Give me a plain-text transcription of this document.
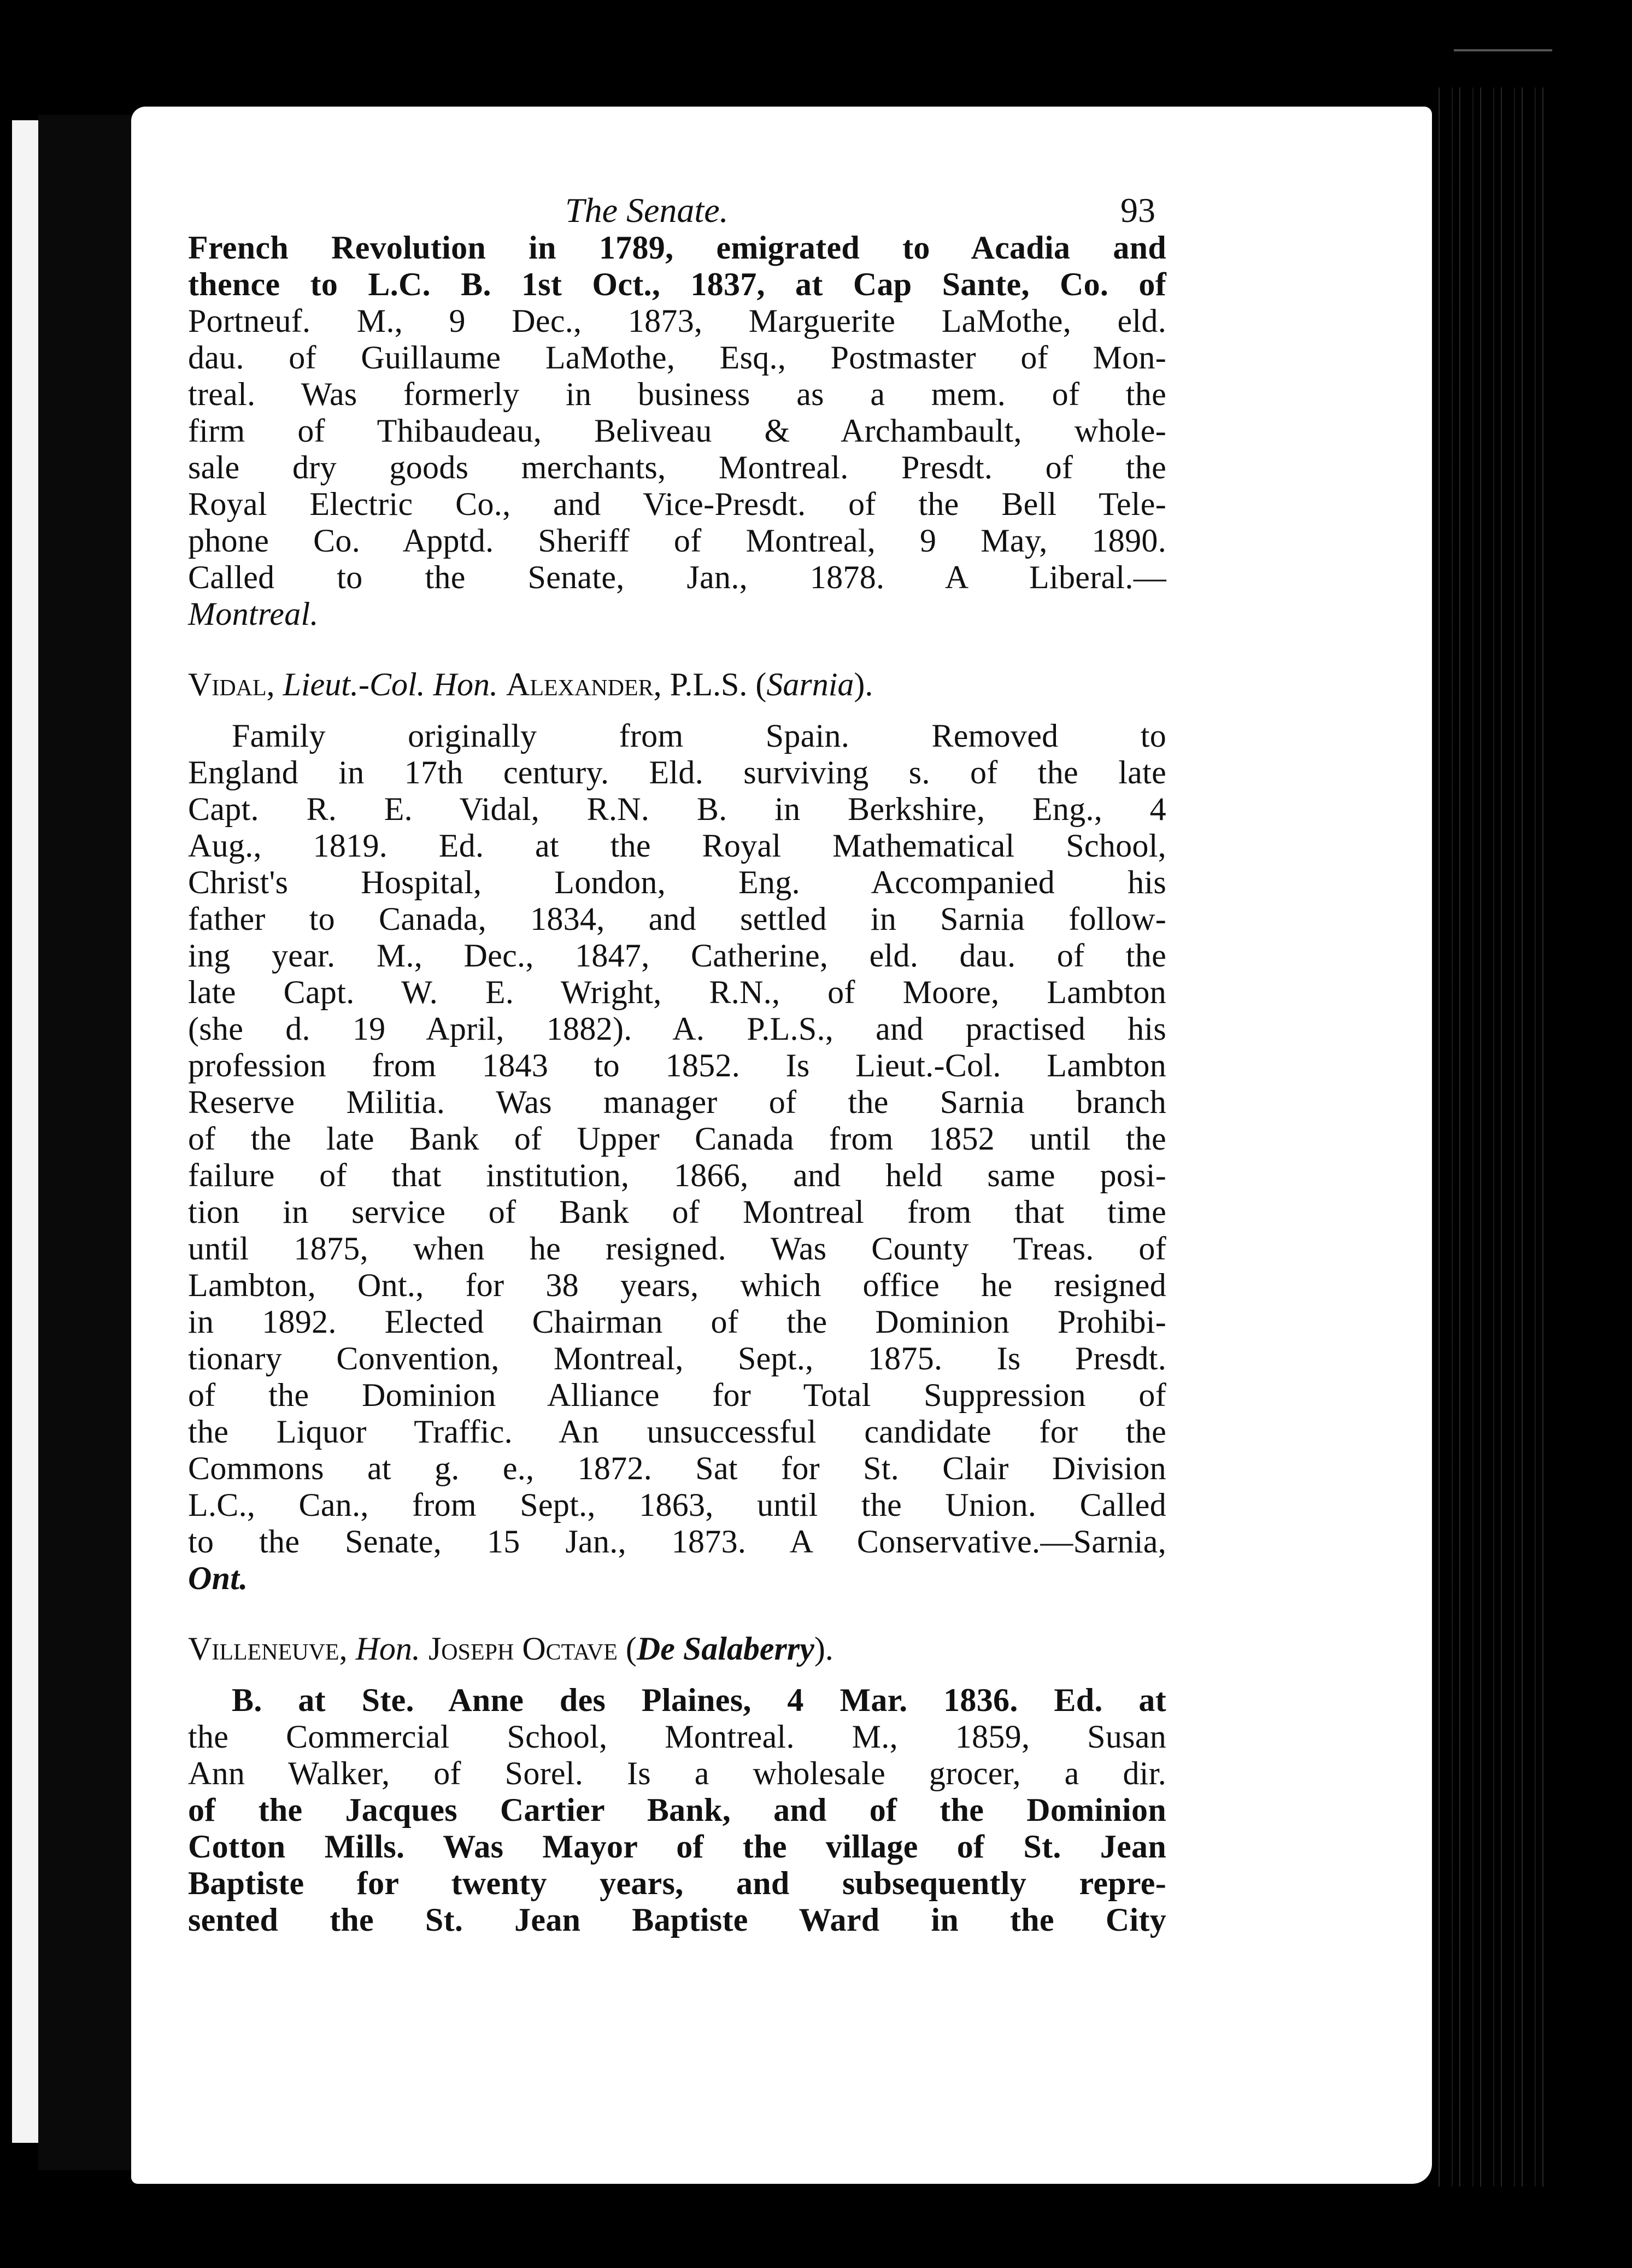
The Senate.	93
French Revolution in 1789, emigrated to Acadia and
thence to L.C. B. 1st Oct., 1837, at Cap Sante, Co. of
Portneuf. M., 9 Dec., 1873, Marguerite LaMothe, eld.
dau. of Guillaume LaMothe, Esq., Postmaster of Mon-
treal. Was formerly in business as a mem. of the
firm of Thibaudeau, Beliveau & Archambault, whole-
sale dry goods merchants, Montreal. Presdt. of the
Royal Electric Co., and Vice-Presdt. of the Bell Tele-
phone Co. Apptd. Sheriff of Montreal, 9 May, 1890.
Called to the Senate, Jan., 1878. A Liberal.—
Montreal.
Vidal, Lieut.-Col. Hon. Alexander, P.L.S. (Sarnia).
Family originally from Spain. Removed to
England in 17th century. Eld. surviving s. of the late
Capt. R. E. Vidal, R.N. B. in Berkshire, Eng., 4
Aug., 1819. Ed. at the Royal Mathematical School,
Christ's Hospital, London, Eng. Accompanied his
father to Canada, 1834, and settled in Sarnia follow-
ing year. M., Dec., 1847, Catherine, eld. dau. of the
late Capt. W. E. Wright, R.N., of Moore, Lambton
(she d. 19 April, 1882). A. P.L.S., and practised his
profession from 1843 to 1852. Is Lieut.-Col. Lambton
Reserve Militia. Was manager of the Sarnia branch
of the late Bank of Upper Canada from 1852 until the
failure of that institution, 1866, and held same posi-
tion in service of Bank of Montreal from that time
until 1875, when he resigned. Was County Treas. of
Lambton, Ont., for 38 years, which office he resigned
in 1892. Elected Chairman of the Dominion Prohibi-
tionary Convention, Montreal, Sept., 1875. Is Presdt.
of the Dominion Alliance for Total Suppression of
the Liquor Traffic. An unsuccessful candidate for the
Commons at g. e., 1872. Sat for St. Clair Division
L.C., Can., from Sept., 1863, until the Union. Called
to the Senate, 15 Jan., 1873. A Conservative.—Sarnia,
Ont.
Villeneuve, Hon. Joseph Octave (De Salaberry).
B. at Ste. Anne des Plaines, 4 Mar. 1836. Ed. at
the Commercial School, Montreal. M., 1859, Susan
Ann Walker, of Sorel. Is a wholesale grocer, a dir.
of the Jacques Cartier Bank, and of the Dominion
Cotton Mills. Was Mayor of the village of St. Jean
Baptiste for twenty years, and subsequently repre-
sented the St. Jean Baptiste Ward in the City
